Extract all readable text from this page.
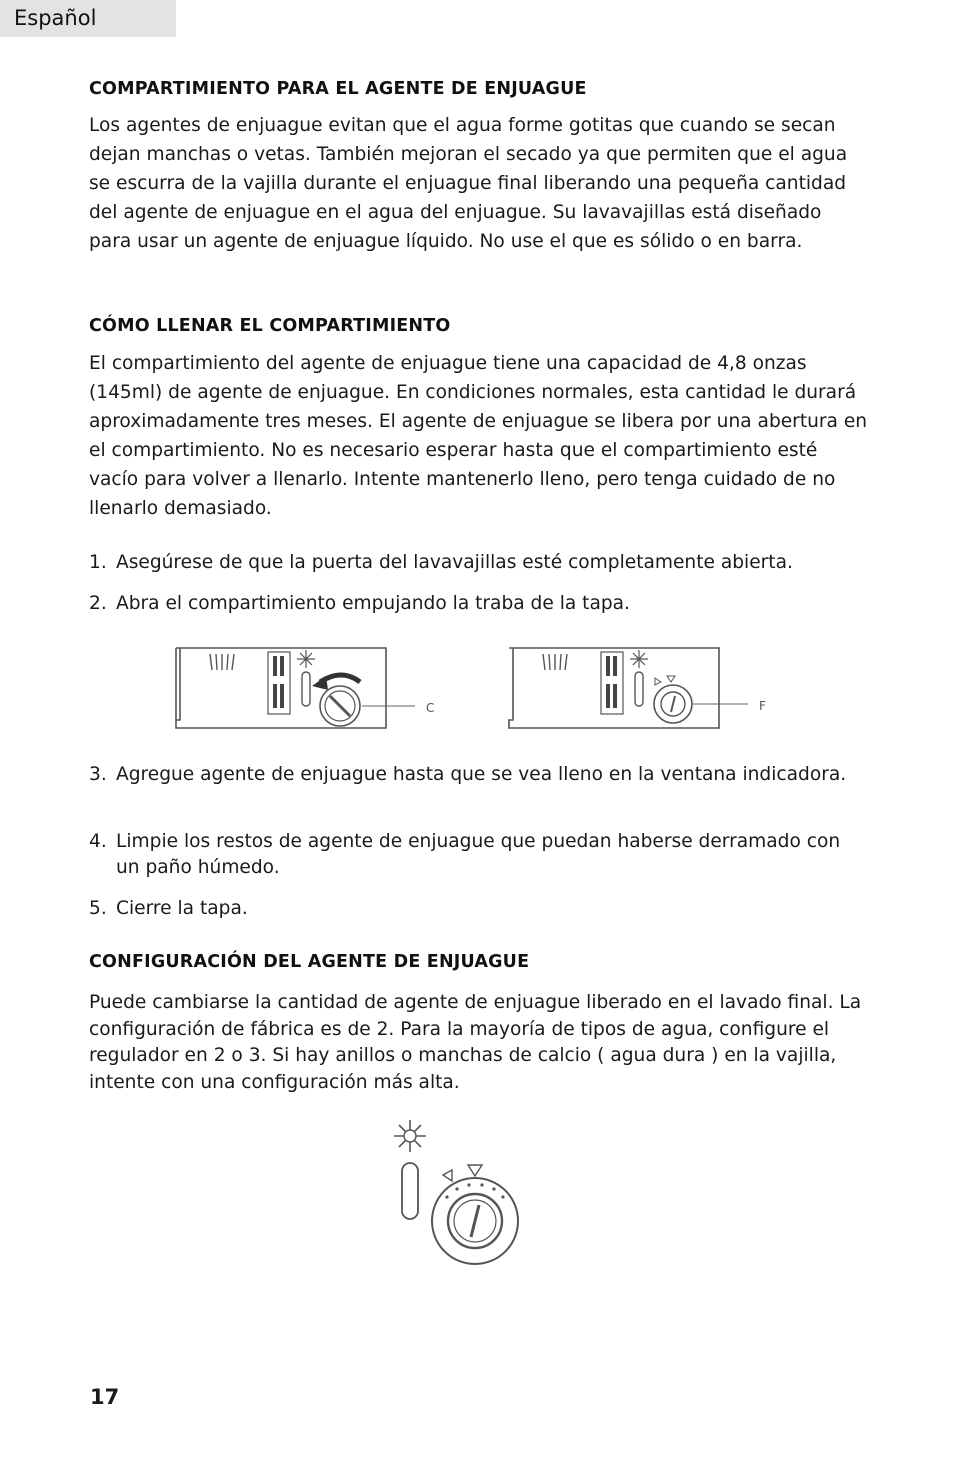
Español
COMPARTIMIENTO PARA EL AGENTE DE ENJUAGUE
Los agentes de enjuague evitan que el agua forme gotitas que cuando se secan dejan manchas o vetas. También mejoran el secado ya que permiten que el agua se escurra de la vajilla durante el enjuague final liberando una pequeña cantidad del agente de enjuague en el agua del enjuague. Su lavavajillas está diseñado para usar un agente de enjuague líquido. No use el que es sólido o en barra.
CÓMO LLENAR EL COMPARTIMIENTO
El compartimiento del agente de enjuague tiene una capacidad de 4,8 onzas (145ml) de agente de enjuague. En condiciones normales, esta cantidad le durará aproximadamente tres meses. El agente de enjuague se libera por una abertura en el compartimiento. No es necesario esperar hasta que el compartimiento esté vacío para volver a llenarlo. Intente mantenerlo lleno, pero tenga cuidado de no llenarlo demasiado.
1. Asegúrese de que la puerta del lavavajillas esté completamente abierta.
2. Abra el compartimiento empujando la traba de la tapa.
C	F
3. Agregue agente de enjuague hasta que se vea lleno en la ventana indicadora.
4. Limpie los restos de agente de enjuague que puedan haberse derramado con un paño húmedo.
5. Cierre la tapa.
CONFIGURACIÓN DEL AGENTE DE ENJUAGUE
Puede cambiarse la cantidad de agente de enjuague liberado en el lavado final. La configuración de fábrica es de 2. Para la mayoría de tipos de agua, configure el regulador en 2 o 3. Si hay anillos o manchas de calcio ( agua dura ) en la vajilla, intente con una configuración más alta.
17
